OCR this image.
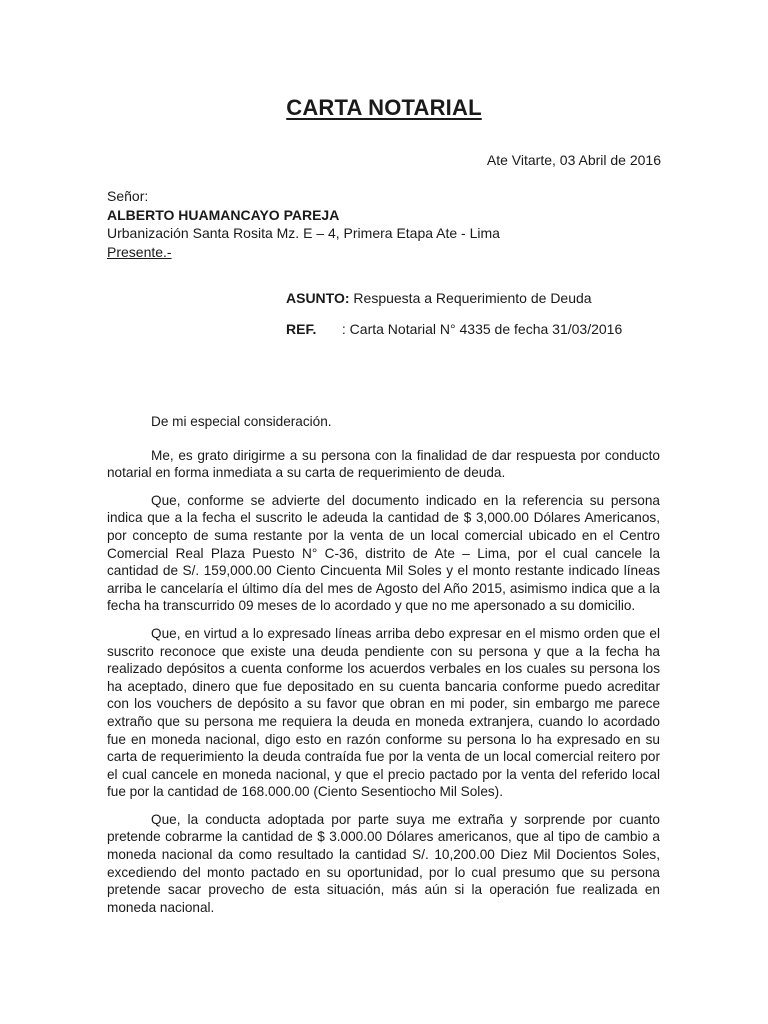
CARTA NOTARIAL
Ate Vitarte, 03 Abril de 2016
Señor:
ALBERTO HUAMANCAYO PAREJA
Urbanización Santa Rosita Mz. E – 4, Primera Etapa Ate - Lima
Presente.-
ASUNTO: Respuesta a Requerimiento de Deuda
REF. : Carta Notarial N° 4335 de fecha 31/03/2016

De mi especial consideración.

Me, es grato dirigirme a su persona con la finalidad de dar respuesta por conducto notarial en forma inmediata a su carta de requerimiento de deuda.

Que, conforme se advierte del documento indicado en la referencia su persona indica que a la fecha el suscrito le adeuda la cantidad de $ 3,000.00 Dólares Americanos, por concepto de suma restante por la venta de un local comercial ubicado en el Centro Comercial Real Plaza Puesto N° C-36, distrito de Ate – Lima, por el cual cancele la cantidad de S/. 159,000.00 Ciento Cincuenta Mil Soles y el monto restante indicado líneas arriba le cancelaría el último día del mes de Agosto del Año 2015, asimismo indica que a la fecha ha transcurrido 09 meses de lo acordado y que no me apersonado a su domicilio.

Que, en virtud a lo expresado líneas arriba debo expresar en el mismo orden que el suscrito reconoce que existe una deuda pendiente con su persona y que a la fecha ha realizado depósitos a cuenta conforme los acuerdos verbales en los cuales su persona los ha aceptado, dinero que fue depositado en su cuenta bancaria conforme puedo acreditar con los vouchers de depósito a su favor que obran en mi poder, sin embargo me parece extraño que su persona me requiera la deuda en moneda extranjera, cuando lo acordado fue en moneda nacional, digo esto en razón conforme su persona lo ha expresado en su carta de requerimiento la deuda contraída fue por la venta de un local comercial reitero por el cual cancele en moneda nacional, y que el precio pactado por la venta del referido local fue por la cantidad de 168.000.00 (Ciento Sesentiocho Mil Soles).

Que, la conducta adoptada por parte suya me extraña y sorprende por cuanto pretende cobrarme la cantidad de $ 3.000.00 Dólares americanos, que al tipo de cambio a moneda nacional da como resultado la cantidad S/. 10,200.00 Diez Mil Docientos Soles, excediendo del monto pactado en su oportunidad, por lo cual presumo que su persona pretende sacar provecho de esta situación, más aún si la operación fue realizada en moneda nacional.
